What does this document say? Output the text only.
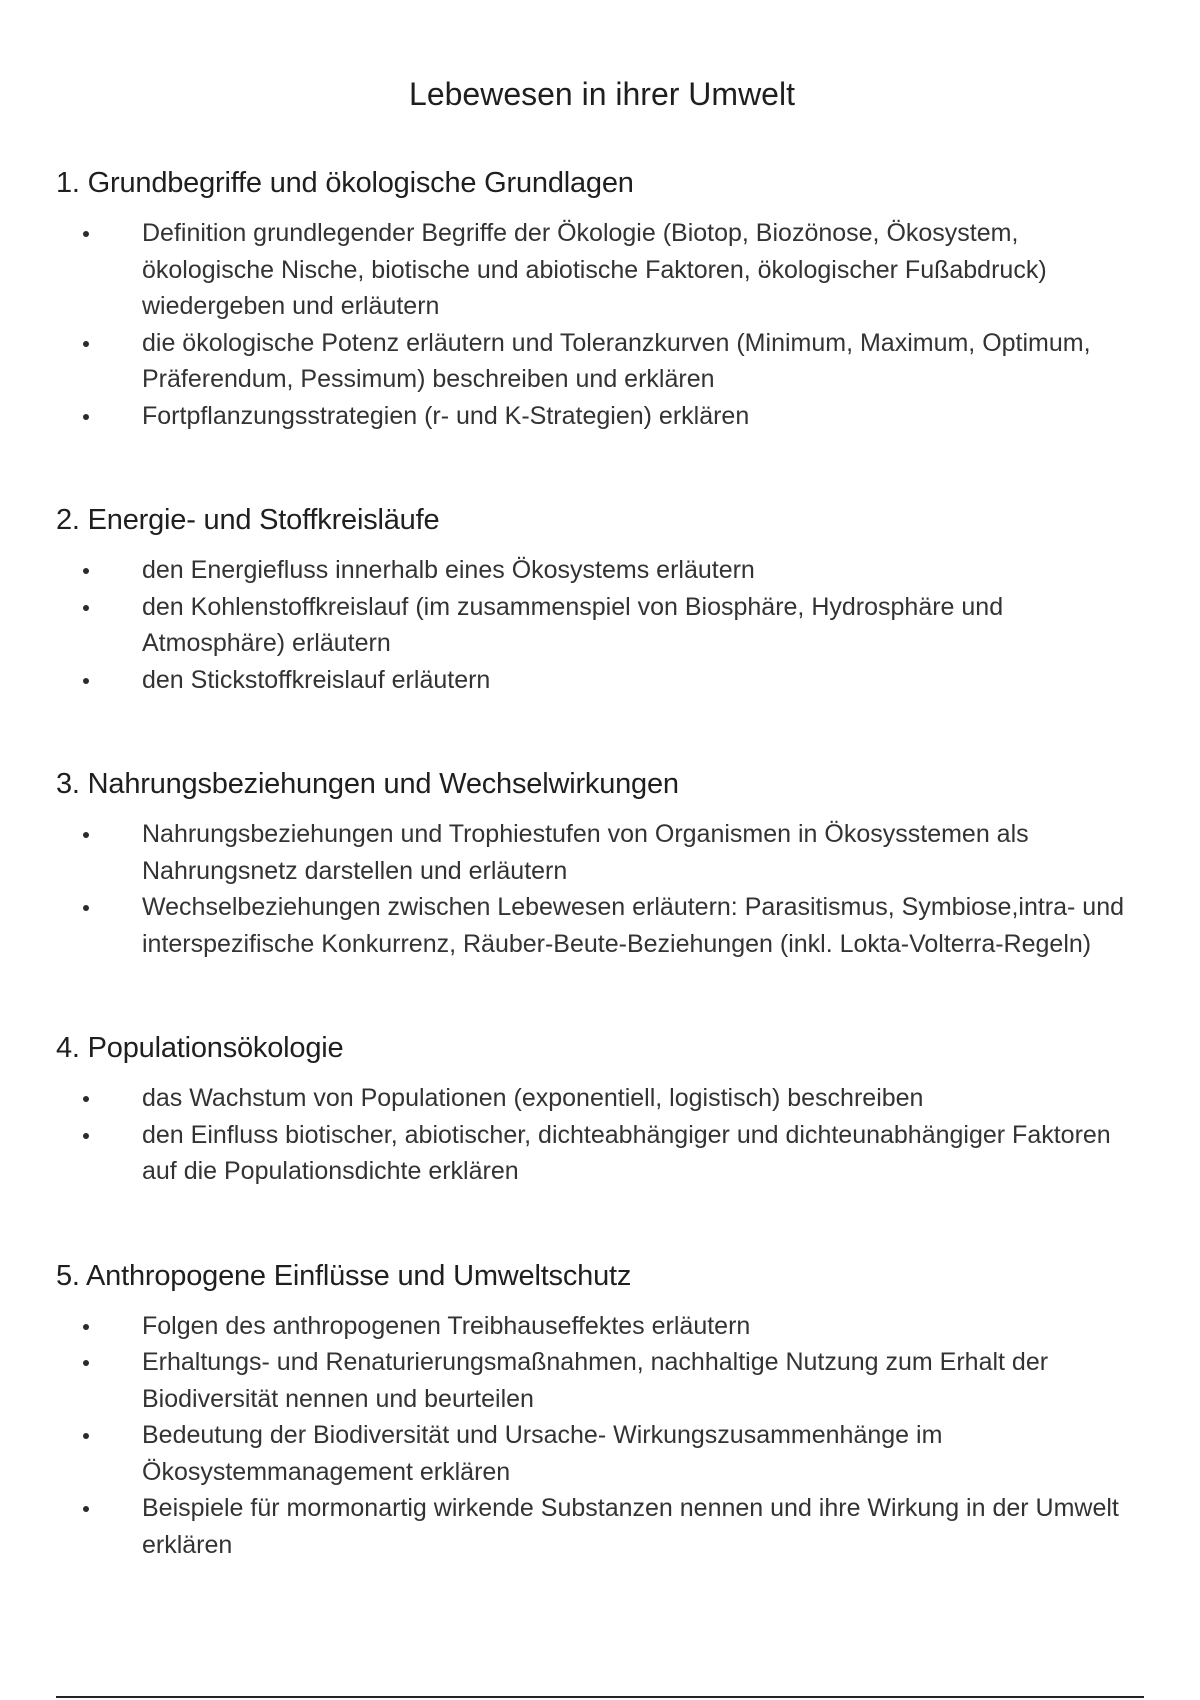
Lebewesen in ihrer Umwelt
1. Grundbegriffe und ökologische Grundlagen
Definition grundlegender Begriffe der Ökologie (Biotop, Biozönose, Ökosystem, ökologische Nische, biotische und abiotische Faktoren, ökologischer Fußabdruck) wiedergeben und erläutern
die ökologische Potenz erläutern und Toleranzkurven (Minimum, Maximum, Optimum, Präferendum, Pessimum) beschreiben und erklären
Fortpflanzungsstrategien (r- und K-Strategien) erklären
2. Energie- und Stoffkreisläufe
den Energiefluss innerhalb eines Ökosystems erläutern
den Kohlenstoffkreislauf (im zusammenspiel von Biosphäre, Hydrosphäre und Atmosphäre) erläutern
den Stickstoffkreislauf erläutern
3. Nahrungsbeziehungen und Wechselwirkungen
Nahrungsbeziehungen und Trophiestufen von Organismen in Ökosysstemen als Nahrungsnetz darstellen und erläutern
Wechselbeziehungen zwischen Lebewesen erläutern: Parasitismus, Symbiose,intra- und interspezifische Konkurrenz, Räuber-Beute-Beziehungen (inkl. Lokta-Volterra-Regeln)
4. Populationsökologie
das Wachstum von Populationen (exponentiell, logistisch) beschreiben
den Einfluss biotischer, abiotischer, dichteabhängiger und dichteunabhängiger Faktoren auf die Populationsdichte erklären
5. Anthropogene Einflüsse und Umweltschutz
Folgen des anthropogenen Treibhauseffektes erläutern
Erhaltungs- und Renaturierungsmaßnahmen, nachhaltige Nutzung zum Erhalt der Biodiversität nennen und beurteilen
Bedeutung der Biodiversität und Ursache- Wirkungszusammenhänge im Ökosystemmanagement erklären
Beispiele für mormonartig wirkende Substanzen nennen und ihre Wirkung in der Umwelt erklären
